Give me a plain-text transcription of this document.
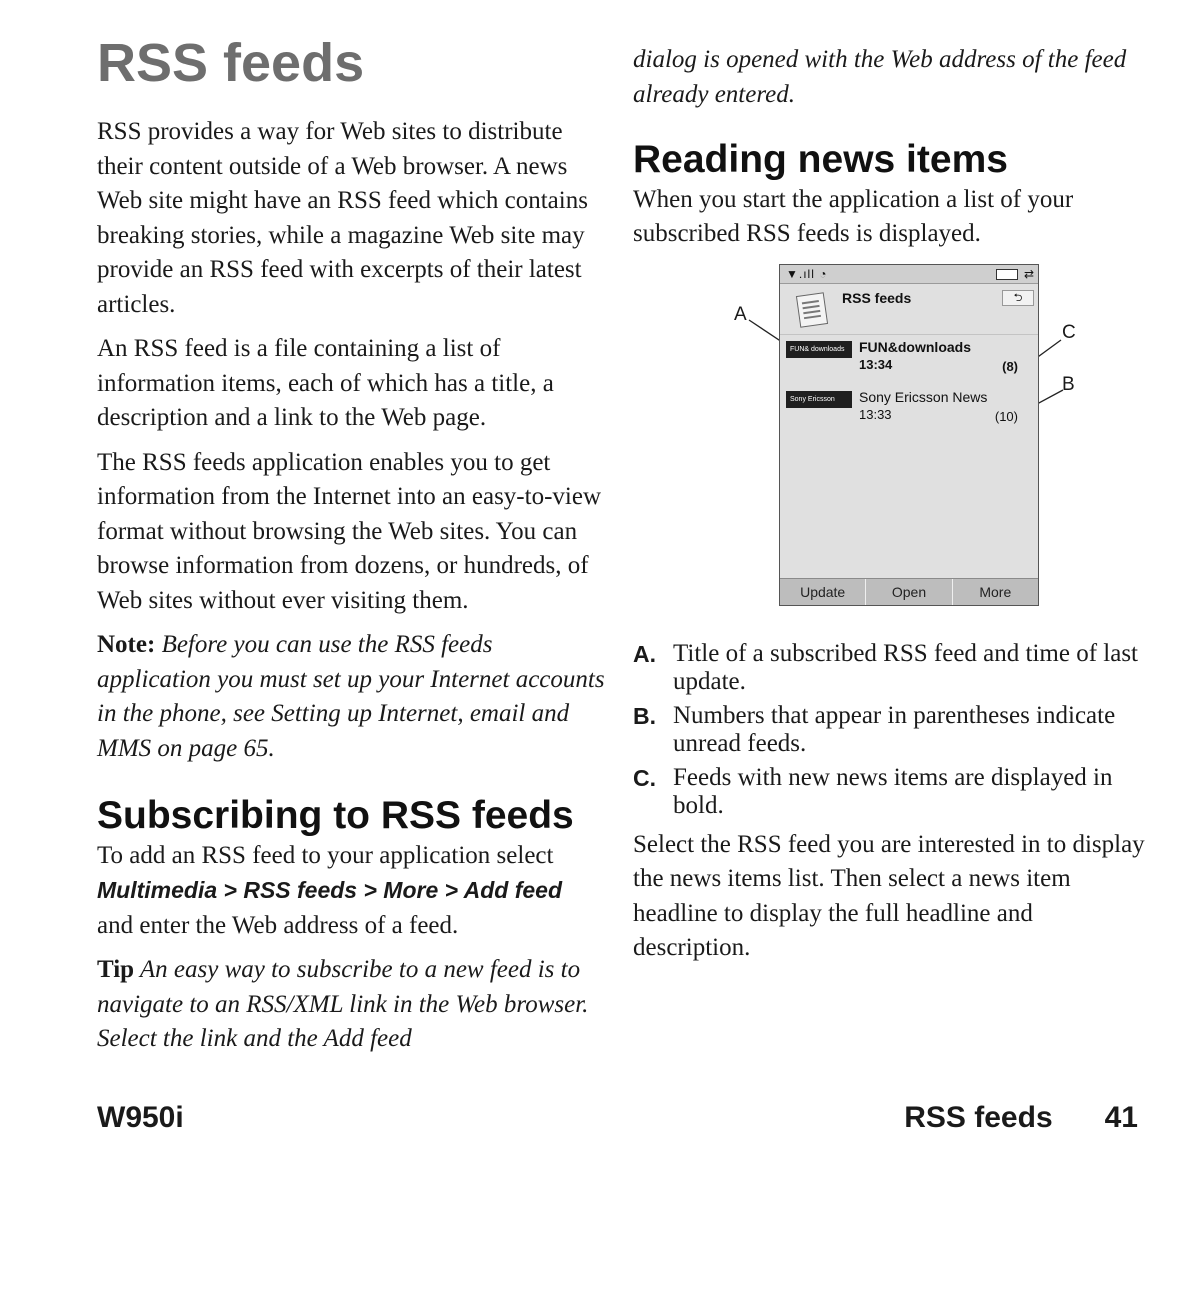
RSS feeds

RSS provides a way for Web sites to distribute their content outside of a Web browser. A news Web site might have an RSS feed which contains breaking stories, while a magazine Web site may provide an RSS feed with excerpts of their latest articles.

An RSS feed is a file containing a list of information items, each of which has a title, a description and a link to the Web page.

The RSS feeds application enables you to get information from the Internet into an easy-to-view format without browsing the Web sites. You can browse information from dozens, or hundreds, of Web sites without ever visiting them.

Note: Before you can use the RSS feeds application you must set up your Internet accounts in the phone, see Setting up Internet, email and MMS on page 65.

Subscribing to RSS feeds

To add an RSS feed to your application select
Multimedia > RSS feeds > More > Add feed
and enter the Web address of a feed.

Tip An easy way to subscribe to a new feed is to navigate to an RSS/XML link in the Web browser. Select the link and the Add feed

dialog is opened with the Web address of the feed already entered.

Reading news items

When you start the application a list of your subscribed RSS feeds is displayed.

A
C
B
▼.ıll ◔	⇄
RSS feeds	⮌
FUN& downloads	FUN&downloads
13:34	(8)
Sony Ericsson	Sony Ericsson News
13:33	(10)
Update	Open	More
A. Title of a subscribed RSS feed and time of last update.
B. Numbers that appear in parentheses indicate unread feeds.
C. Feeds with new news items are displayed in bold.

Select the RSS feed you are interested in to display the news items list. Then select a news item headline to display the full headline and description.

W950i	RSS feeds 41
